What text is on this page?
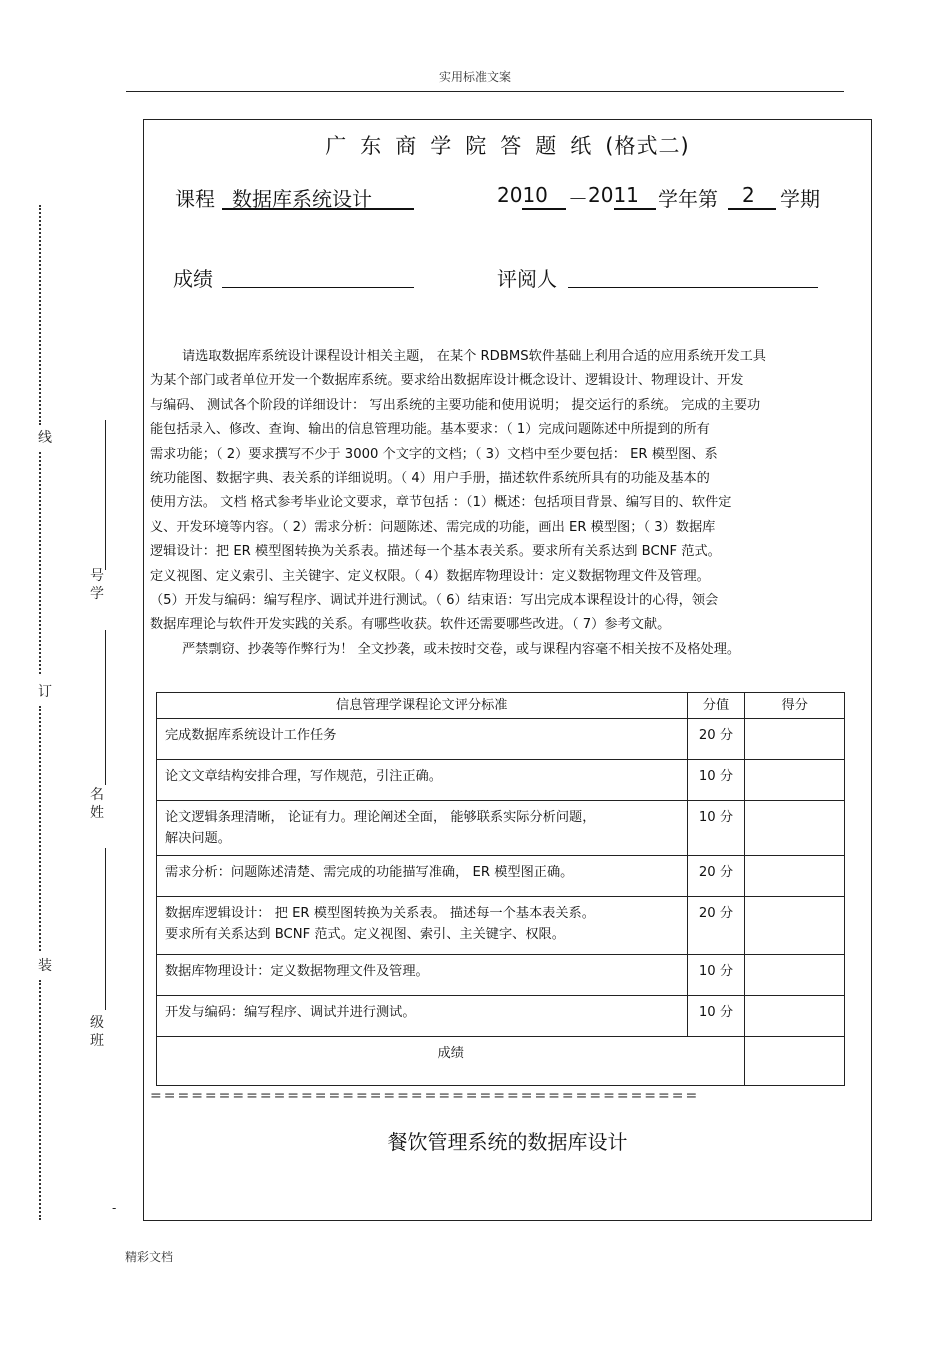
实用标准文案
精彩文档
线
订
装
号
学
名
姓
级
班
-
广东商学院答题纸(格式二)
课程 数据库系统设计	2010 － 2011 学年第 2 学期
成绩	评阅人

请选取数据库系统设计课程设计相关主题， 在某个 RDBMS软件基础上利用合适的应用系统开发工具

为某个部门或者单位开发一个数据库系统。要求给出数据库设计概念设计、逻辑设计、物理设计、开发

与编码、 测试各个阶段的详细设计： 写出系统的主要功能和使用说明； 提交运行的系统。 完成的主要功

能包括录入、修改、查询、输出的信息管理功能。基本要求：（ 1）完成问题陈述中所提到的所有

需求功能；（ 2）要求撰写不少于 3000 个文字的文档；（ 3）文档中至少要包括： ER 模型图、系

统功能图、数据字典、表关系的详细说明。（ 4）用户手册，描述软件系统所具有的功能及基本的

使用方法。 文档 格式参考毕业论文要求，章节包括 ：（1）概述：包括项目背景、编写目的、软件定

义、开发环境等内容。（ 2）需求分析：问题陈述、需完成的功能，画出 ER 模型图；（ 3）数据库

逻辑设计：把 ER 模型图转换为关系表。描述每一个基本表关系。要求所有关系达到 BCNF 范式。

定义视图、定义索引、主关键字、定义权限。（ 4）数据库物理设计：定义数据物理文件及管理。

（5）开发与编码：编写程序、调试并进行测试。（ 6）结束语：写出完成本课程设计的心得，领会

数据库理论与软件开发实践的关系。有哪些收获。软件还需要哪些改进。（ 7）参考文献。

严禁剽窃、抄袭等作弊行为！ 全文抄袭，或未按时交卷，或与课程内容毫不相关按不及格处理。

信息管理学课程论文评分标准	分值	得分
完成数据库系统设计工作任务	20 分	
论文文章结构安排合理，写作规范，引注正确。	10 分	

论文逻辑条理清晰， 论证有力。理论阐述全面， 能够联系实际分析问题，
解决问题。	10 分	
需求分析：问题陈述清楚、需完成的功能描写准确， ER 模型图正确。	20 分	

数据库逻辑设计： 把 ER 模型图转换为关系表。 描述每一个基本表关系。
要求所有关系达到 BCNF 范式。定义视图、索引、主关键字、权限。	20 分	
数据库物理设计：定义数据物理文件及管理。	10 分	
开发与编码：编写程序、调试并进行测试。	10 分	
成绩		
========================================
餐饮管理系统的数据库设计
